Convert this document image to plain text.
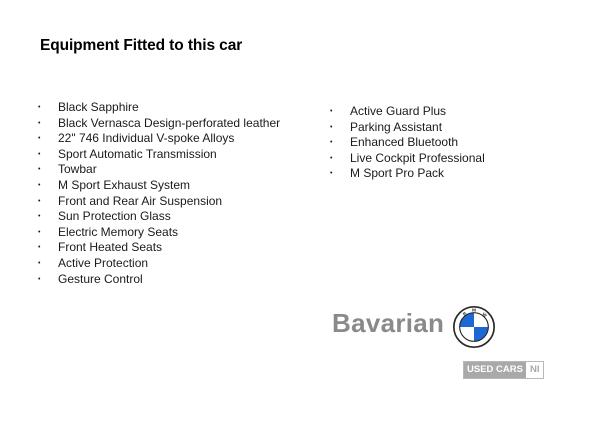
Equipment Fitted to this car
• Black Sapphire
• Black Vernasca Design-perforated leather
• 22" 746 Individual V-spoke Alloys
• Sport Automatic Transmission
• Towbar
• M Sport Exhaust System
• Front and Rear Air Suspension
• Sun Protection Glass
• Electric Memory Seats
• Front Heated Seats
• Active Protection
• Gesture Control
• Active Guard Plus
• Parking Assistant
• Enhanced Bluetooth
• Live Cockpit Professional
• M Sport Pro Pack
Bavarian B
M
W
USED CARS NI
